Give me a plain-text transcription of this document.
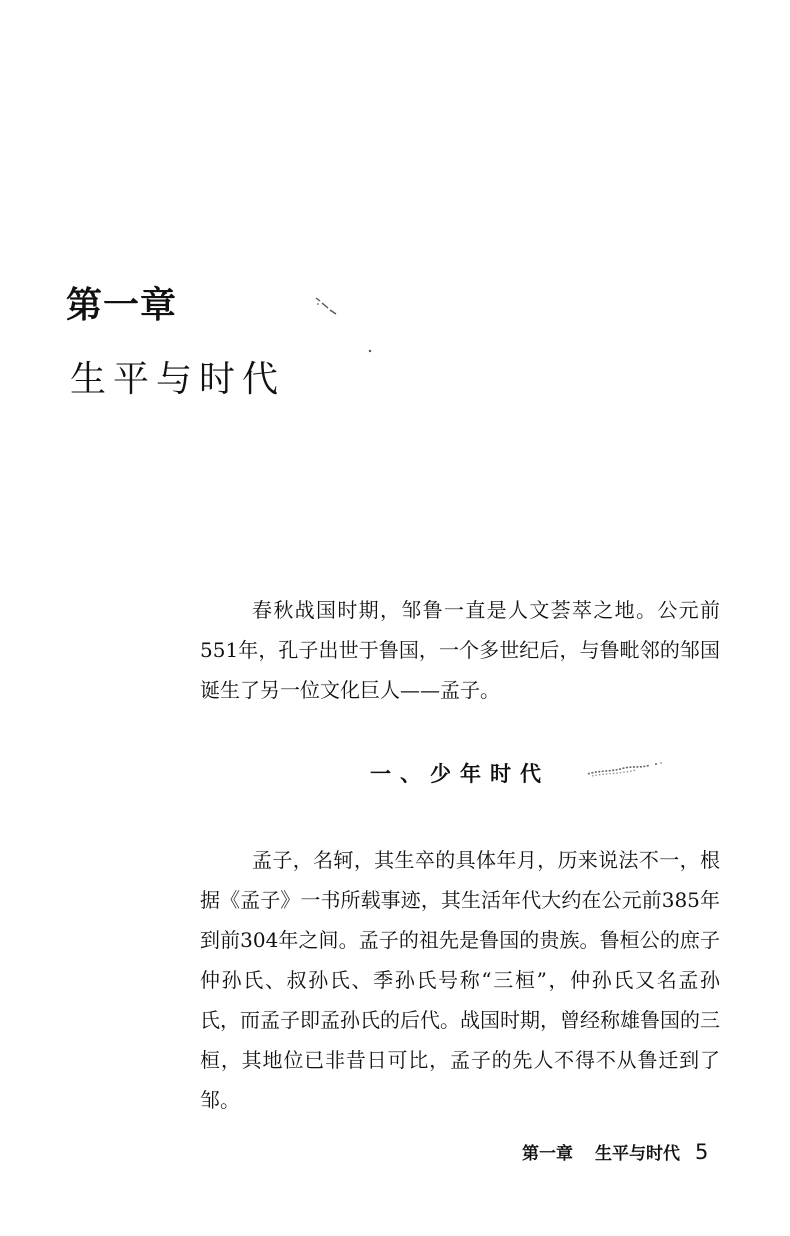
第一章
生平与时代

春秋战国时期，邹鲁一直是人文荟萃之地。公元前551年，孔子出世于鲁国，一个多世纪后，与鲁毗邻的邹国诞生了另一位文化巨人——孟子。

一、少年时代

孟子，名轲，其生卒的具体年月，历来说法不一，根据《孟子》一书所载事迹，其生活年代大约在公元前385年到前304年之间。孟子的祖先是鲁国的贵族。鲁桓公的庶子仲孙氏、叔孙氏、季孙氏号称“三桓”，仲孙氏又名孟孙氏，而孟子即孟孙氏的后代。战国时期，曾经称雄鲁国的三桓，其地位已非昔日可比，孟子的先人不得不从鲁迁到了邹。

第一章 生平与时代 5
